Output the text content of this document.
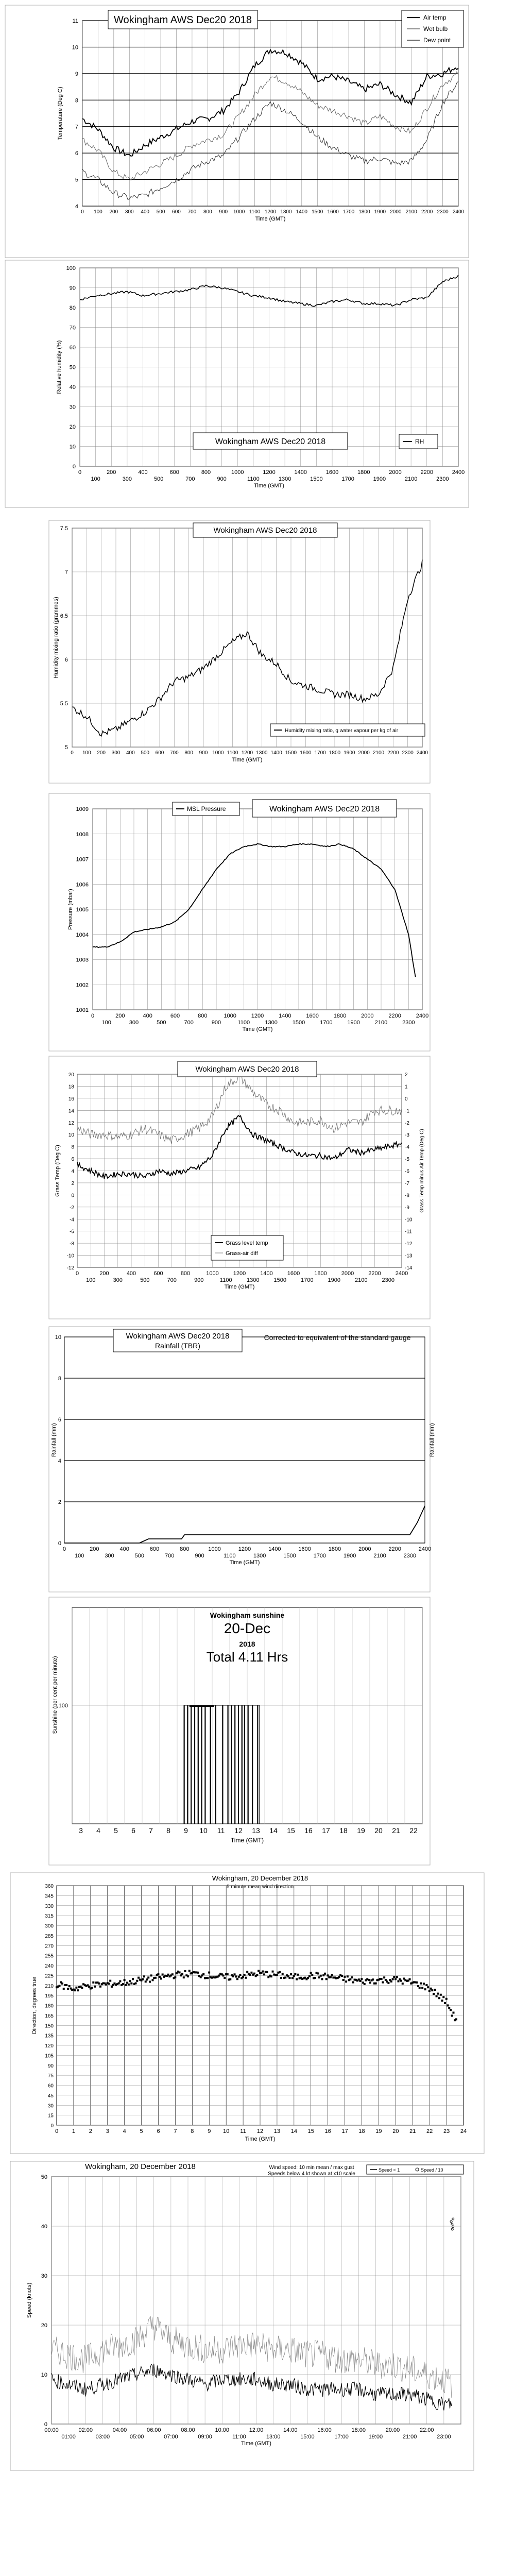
4
5
6
7
8
9
10
11
0 100 200 300 400 500 600 700 800 900 1000 1100 1200 1300 1400 1500 1600 1700 1800 1900 2000 2100 2200 2300 2400
Time (GMT)
Temperature (Deg C)
Wokingham AWS Dec20 2018	Air temp
Wet bulb
Dew point
0
10
20
30
40
50
60
70
80
90
100
0	200	400	600	800	1000	1200	1400	1600	1800	2000	2200	2400
100	300	500	700	900	1100	1300	1500	1700	1900	2100	2300
Time (GMT)
Relative humidity (%)
Wokingham AWS Dec20 2018	RH
5
5.5
6
6.5
7
7.5
0 100 200 300 400 500 600 700 800 900 1000 1100 1200 1300 1400 1500 1600 1700 1800 1900 2000 2100 2200 2300 2400
Time (GMT)
Humidity mixing ratio (grammes)
Wokingham AWS Dec20 2018
Humidity mixing ratio, g water vapour per kg of air
1001
1002
1003
1004
1005
1006
1007
1008
1009
0	200	400	600	800	1000	1200	1400	1600	1800	2000	2200	2400
100	300	500	700	900	1100	1300	1500	1700	1900	2100	2300
Time (GMT)
Pressure (mbar)
MSL Pressure	Wokingham AWS Dec20 2018
-12
-10
-8
-6
-4
-2
0
2
4
6
8
10
12
14
16
18
20
-14
-13
-12
-11
-10
-9
-8
-7
-6
-5
-4
-3
-2
-1
0
1
2
0	200	400	600	800	1000	1200	1400	1600	1800	2000	2200	2400
100	300	500	700	900	1100	1300	1500	1700	1900	2100	2300
Time (GMT)
Grass Temp (Deg C)	Grass Temp minus Air Temp (Deg C)
Wokingham AWS Dec20 2018
Grass level temp
Grass-air diff
0
2
4
6
8
10
0	200	400	600	800	1000	1200	1400	1600	1800	2000	2200	2400
100	300	500	700	900	1100	1300	1500	1700	1900	2100	2300
Time (GMT)
Rainfall (mm)	Rainfall (mm)
Wokingham AWS Dec20 2018
Rainfall (TBR)
Corrected to equivalent of the standard gauge
100
Sunshine (per cent per minute)
3 4 5 6 7 8 9 10 11 12 13 14 15 16 17 18 19 20 21 22
Time (GMT)
Wokingham sunshine
20-Dec
2018
Total 4.11 Hrs
0
15
30
45
60
75
90
105
120
135
150
165
180
195
210
225
240
255
270
285
300
315
330
345
360
0 1 2 3 4 5 6 7 8 9 10 11 12 13 14 15 16 17 18 19 20 21 22 23 24
Time (GMT)
Direction, degrees true
Wokingham, 20 December 2018
5 minute mean wind direction
0
10
20
30
40
50
00:00	02:00	04:00	06:00	08:00	10:00	12:00	14:00	16:00	18:00	20:00	22:00
01:00	03:00	05:00	07:00	09:00	11:00	13:00	15:00	17:00	19:00	21:00	23:00
Time (GMT)
Speed (knots)
Wokingham, 20 December 2018	Wind speed: 10 min mean / max gust
Speeds below 4 kt shown at x10 scale
Speed < 1	Speed / 10
